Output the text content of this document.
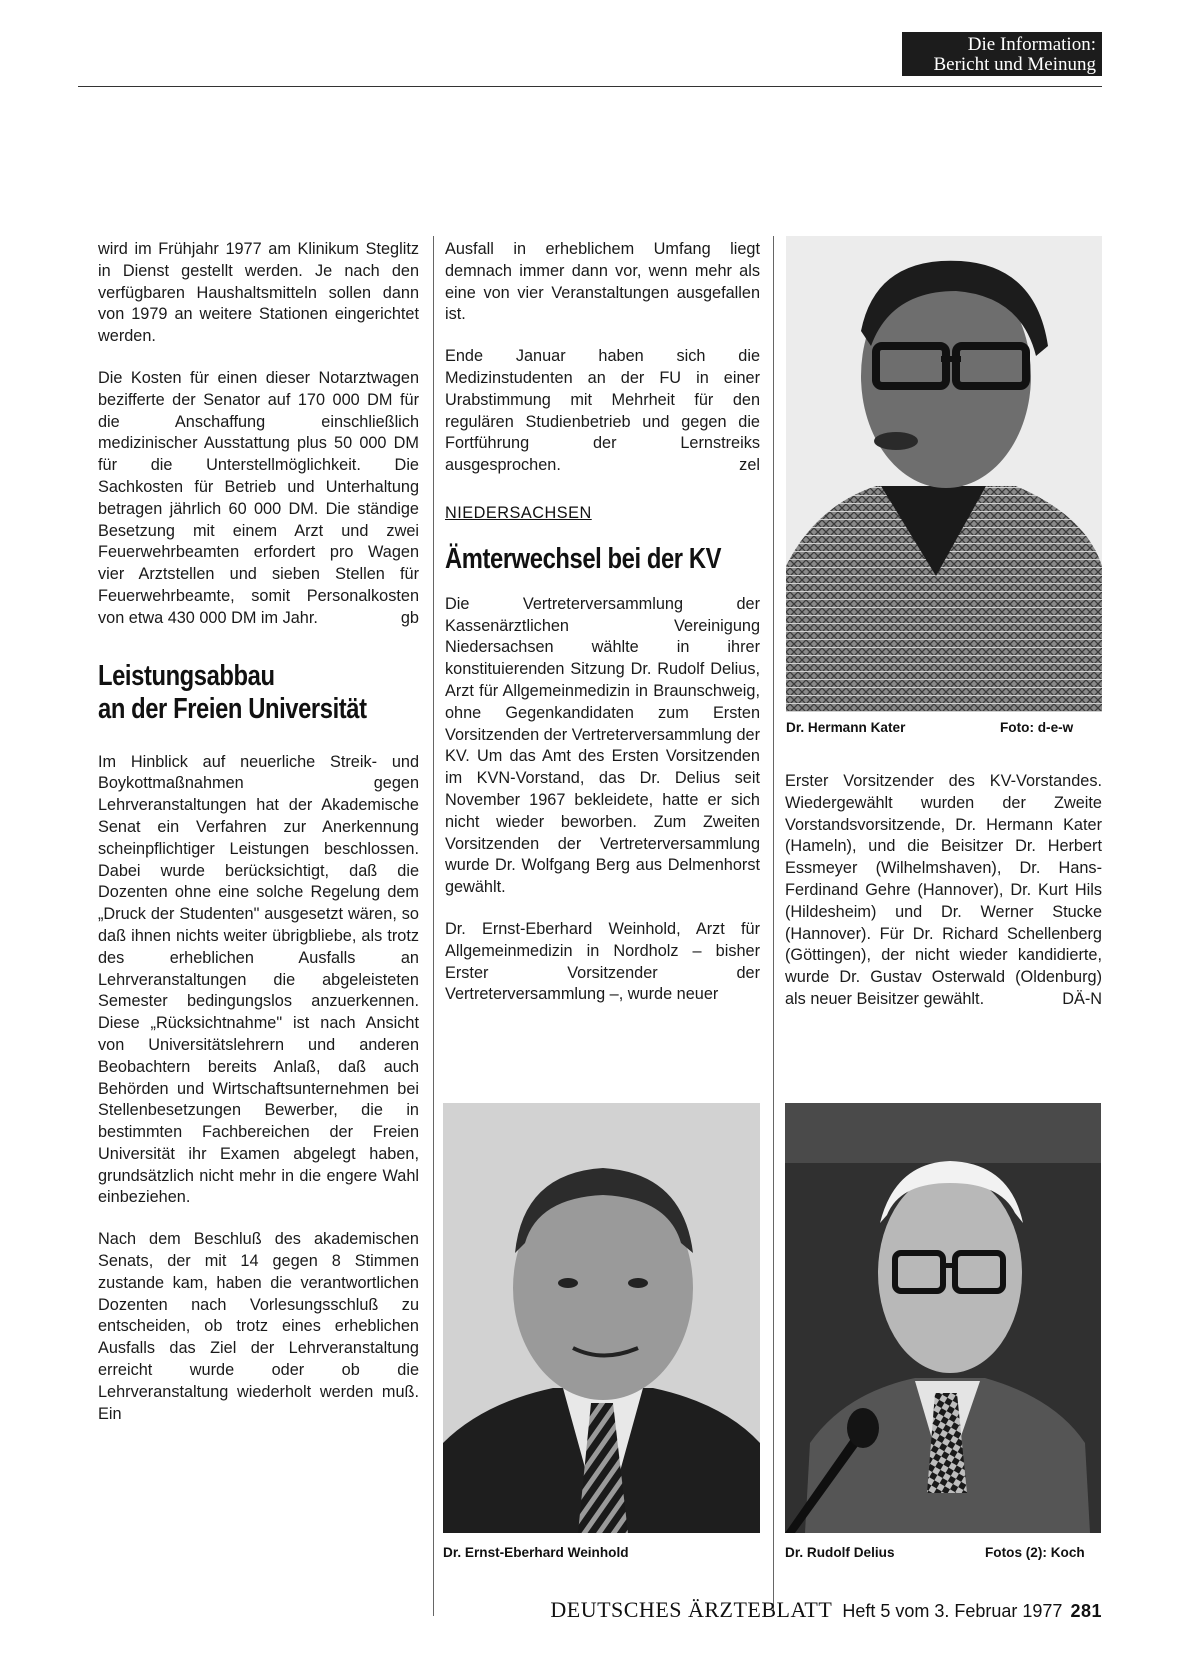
Die Information:
Bericht und Meinung

wird im Frühjahr 1977 am Klinikum Steglitz in Dienst gestellt werden. Je nach den verfügbaren Haushaltsmitteln sollen dann von 1979 an weitere Stationen eingerichtet werden.

Die Kosten für einen dieser Notarztwagen bezifferte der Senator auf 170 000 DM für die Anschaffung einschließlich medizinischer Ausstattung plus 50 000 DM für die Unterstellmöglichkeit. Die Sachkosten für Betrieb und Unterhaltung betragen jährlich 60 000 DM. Die ständige Besetzung mit einem Arzt und zwei Feuerwehrbeamten erfordert pro Wagen vier Arztstellen und sieben Stellen für Feuerwehrbeamte, somit Personalkosten von etwa 430 000 DM im Jahr.	gb

Leistungsabbau
an der Freien Universität

Im Hinblick auf neuerliche Streik- und Boykottmaßnahmen gegen Lehrveranstaltungen hat der Akademische Senat ein Verfahren zur Anerkennung scheinpflichtiger Leistungen beschlossen. Dabei wurde berücksichtigt, daß die Dozenten ohne eine solche Regelung dem „Druck der Studenten" ausgesetzt wären, so daß ihnen nichts weiter übrigbliebe, als trotz des erheblichen Ausfalls an Lehrveranstaltungen die abgeleisteten Semester bedingungslos anzuerkennen. Diese „Rücksichtnahme" ist nach Ansicht von Universitätslehrern und anderen Beobachtern bereits Anlaß, daß auch Behörden und Wirtschaftsunternehmen bei Stellenbesetzungen Bewerber, die in bestimmten Fachbereichen der Freien Universität ihr Examen abgelegt haben, grundsätzlich nicht mehr in die engere Wahl einbeziehen.

Nach dem Beschluß des akademischen Senats, der mit 14 gegen 8 Stimmen zustande kam, haben die verantwortlichen Dozenten nach Vorlesungsschluß zu entscheiden, ob trotz eines erheblichen Ausfalls das Ziel der Lehrveranstaltung erreicht wurde oder ob die Lehrveranstaltung wiederholt werden muß. Ein

Ausfall in erheblichem Umfang liegt demnach immer dann vor, wenn mehr als eine von vier Veranstaltungen ausgefallen ist.

Ende Januar haben sich die Medizinstudenten an der FU in einer Urabstimmung mit Mehrheit für den regulären Studienbetrieb und gegen die Fortführung der Lernstreiks ausgesprochen.	zel

NIEDERSACHSEN
Ämterwechsel bei der KV

Die Vertreterversammlung der Kassenärztlichen Vereinigung Niedersachsen wählte in ihrer konstituierenden Sitzung Dr. Rudolf Delius, Arzt für Allgemeinmedizin in Braunschweig, ohne Gegenkandidaten zum Ersten Vorsitzenden der Vertreterversammlung der KV. Um das Amt des Ersten Vorsitzenden im KVN-Vorstand, das Dr. Delius seit November 1967 bekleidete, hatte er sich nicht wieder beworben. Zum Zweiten Vorsitzenden der Vertreterversammlung wurde Dr. Wolfgang Berg aus Delmenhorst gewählt.

Dr. Ernst-Eberhard Weinhold, Arzt für Allgemeinmedizin in Nordholz – bisher Erster Vorsitzender der Vertreterversammlung –, wurde neuer

Dr. Hermann Kater	Foto: d-e-w

Erster Vorsitzender des KV-Vorstandes. Wiedergewählt wurden der Zweite Vorstandsvorsitzende, Dr. Hermann Kater (Hameln), und die Beisitzer Dr. Herbert Essmeyer (Wilhelmshaven), Dr. Hans-Ferdinand Gehre (Hannover), Dr. Kurt Hils (Hildesheim) und Dr. Werner Stucke (Hannover). Für Dr. Richard Schellenberg (Göttingen), der nicht wieder kandidierte, wurde Dr. Gustav Osterwald (Oldenburg) als neuer Beisitzer gewählt.	DÄ-N

Dr. Ernst-Eberhard Weinhold	Dr. Rudolf Delius	Fotos (2): Koch
DEUTSCHES ÄRZTEBLATT Heft 5 vom 3. Februar 1977 281
